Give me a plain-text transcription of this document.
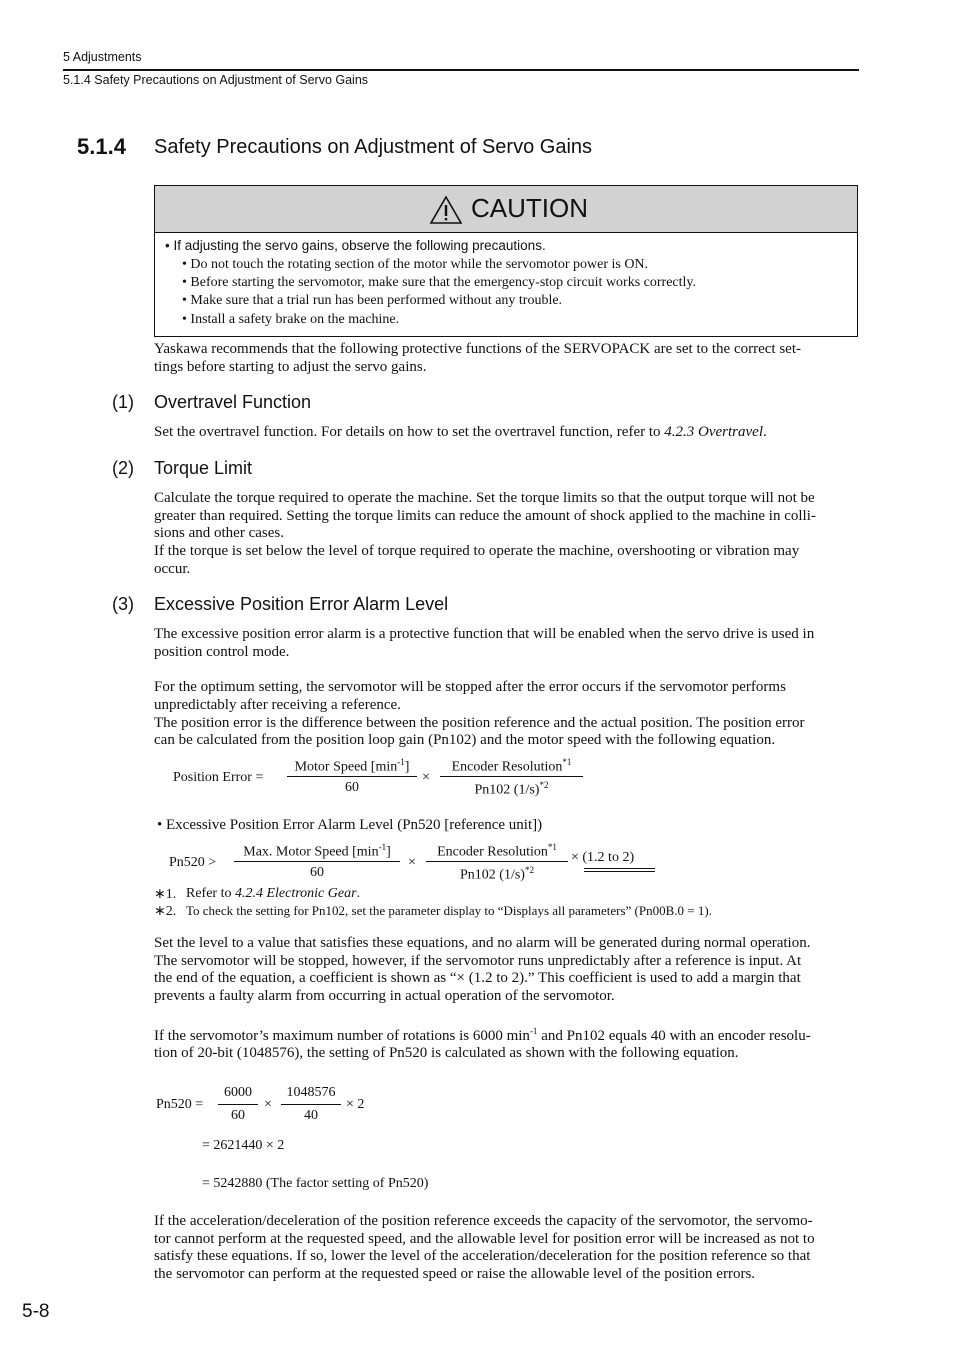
5 Adjustments
5.1.4 Safety Precautions on Adjustment of Servo Gains
5.1.4 Safety Precautions on Adjustment of Servo Gains
CAUTION
• If adjusting the servo gains, observe the following precautions.
• Do not touch the rotating section of the motor while the servomotor power is ON.
• Before starting the servomotor, make sure that the emergency-stop circuit works correctly.
• Make sure that a trial run has been performed without any trouble.
• Install a safety brake on the machine.
Yaskawa recommends that the following protective functions of the SERVOPACK are set to the correct set-
tings before starting to adjust the servo gains.
(1) Overtravel Function
Set the overtravel function. For details on how to set the overtravel function, refer to 4.2.3 Overtravel.
(2) Torque Limit
Calculate the torque required to operate the machine. Set the torque limits so that the output torque will not be
greater than required. Setting the torque limits can reduce the amount of shock applied to the machine in colli-
sions and other cases.
If the torque is set below the level of torque required to operate the machine, overshooting or vibration may
occur.
(3) Excessive Position Error Alarm Level
The excessive position error alarm is a protective function that will be enabled when the servo drive is used in
position control mode.
For the optimum setting, the servomotor will be stopped after the error occurs if the servomotor performs
unpredictably after receiving a reference.
The position error is the difference between the position reference and the actual position. The position error
can be calculated from the position loop gain (Pn102) and the motor speed with the following equation.
Position Error =
Motor Speed $[\min^{-1}]$
60
×
Encoder Resolution$^{*1}$
Pn102 $(1/s)^{*2}$
• Excessive Position Error Alarm Level (Pn520 [reference unit])
Pn520 >
Max. Motor Speed $[\min^{-1}]$
60
×
Encoder Resolution$^{*1}$
Pn102 $(1/s)^{*2}$
× (1.2 to 2)
∗1. Refer to 4.2.4 Electronic Gear.
∗2. To check the setting for Pn102, set the parameter display to “Displays all parameters” (Pn00B.0 = 1).
Set the level to a value that satisfies these equations, and no alarm will be generated during normal operation.
The servomotor will be stopped, however, if the servomotor runs unpredictably after a reference is input. At
the end of the equation, a coefficient is shown as “× (1.2 to 2).” This coefficient is used to add a margin that
prevents a faulty alarm from occurring in actual operation of the servomotor.
If the servomotor’s maximum number of rotations is 6000 $\min^{-1}$ and Pn102 equals 40 with an encoder resolu-
tion of 20-bit (1048576), the setting of Pn520 is calculated as shown with the following equation.
Pn520 =
6000
60
×
1048576
40
× 2
= 2621440 × 2
= 5242880 (The factor setting of Pn520)
If the acceleration/deceleration of the position reference exceeds the capacity of the servomotor, the servomo-
tor cannot perform at the requested speed, and the allowable level for position error will be increased as not to
satisfy these equations. If so, lower the level of the acceleration/deceleration for the position reference so that
the servomotor can perform at the requested speed or raise the allowable level of the position errors.
5-8
